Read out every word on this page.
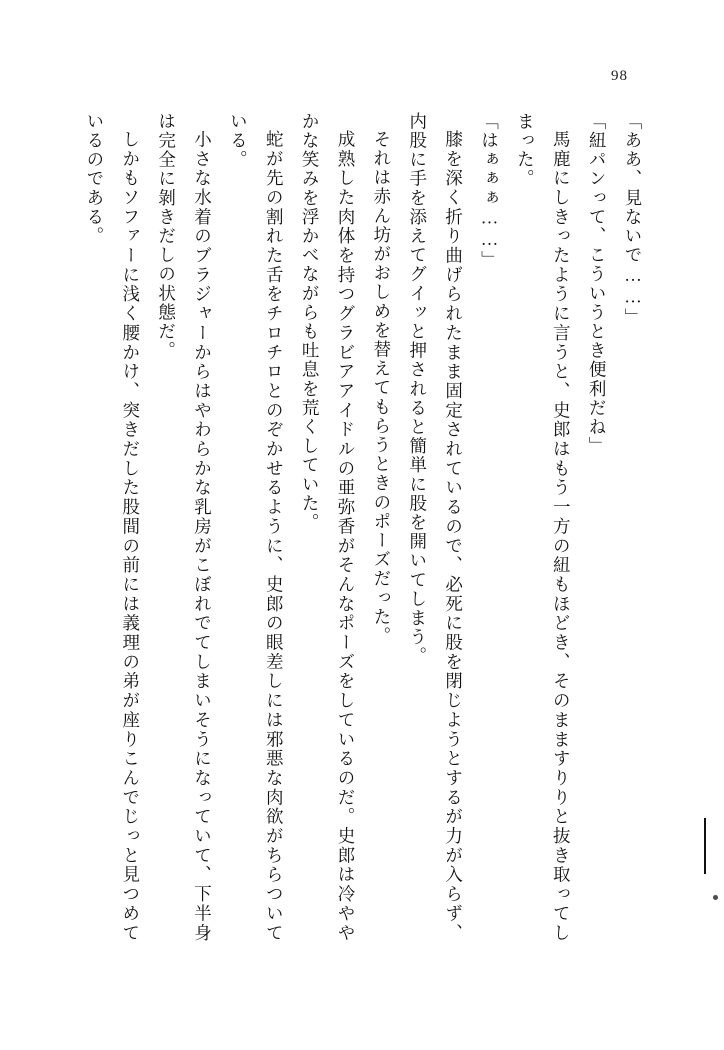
98

「ああ、見ないで……」

「紐パンって、こういうとき便利だね」

馬鹿にしきったように言うと、史郎はもう一方の紐もほどき、そのまますりりと抜き取ってしまった。

「はぁぁぁ……」

膝を深く折り曲げられたまま固定されているので、必死に股を閉じようとするが力が入らず、内股に手を添えてグイッと押されると簡単に股を開いてしまう。

それは赤ん坊がおしめを替えてもらうときのポーズだった。

成熟した肉体を持つグラビアアイドルの亜弥香がそんなポーズをしているのだ。史郎は冷ややかな笑みを浮かべながらも吐息を荒くしていた。

蛇が先の割れた舌をチロチロとのぞかせるように、史郎の眼差しには邪悪な肉欲がちらついている。

小さな水着のブラジャーからはやわらかな乳房がこぼれでてしまいそうになっていて、下半身は完全に剝きだしの状態だ。

しかもソファーに浅く腰かけ、突きだした股間の前には義理の弟が座りこんでじっと見つめているのである。
